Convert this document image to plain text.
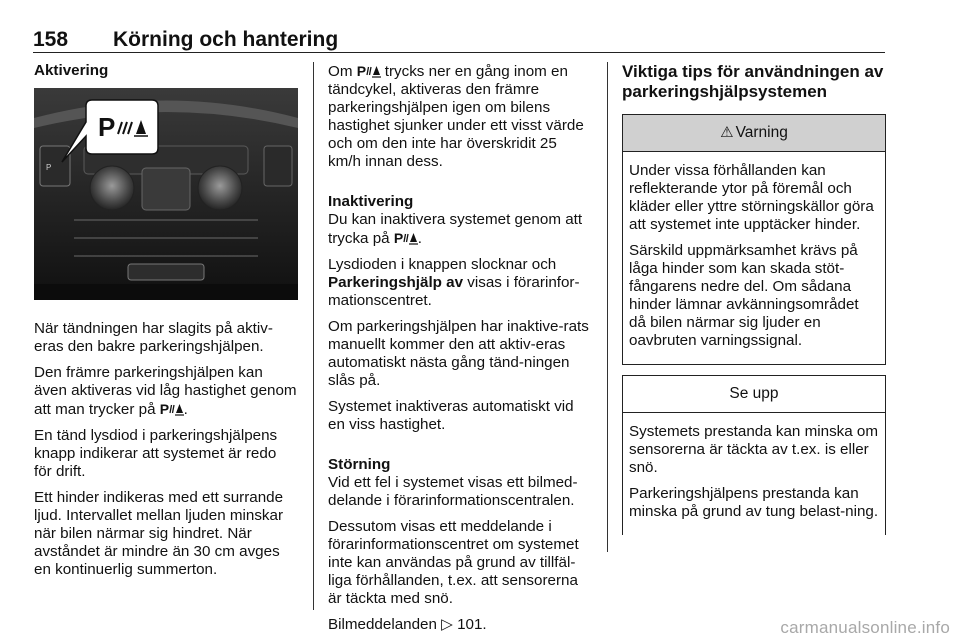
158 Körning och hantering
Aktivering
P
P

När tändningen har slagits på aktiv-eras den bakre parkeringshjälpen.

Den främre parkeringshjälpen kan även aktiveras vid låg hastighet genom att man trycker på P .

En tänd lysdiod i parkeringshjälpens knapp indikerar att systemet är redo för drift.

Ett hinder indikeras med ett surrande ljud. Intervallet mellan ljuden minskar när bilen närmar sig hindret. När avståndet är mindre än 30 cm avges en kontinuerlig summerton.

Om P trycks ner en gång inom en tändcykel, aktiveras den främre parkeringshjälpen igen om bilens hastighet sjunker under ett visst värde och om den inte har överskridit 25 km/h innan dess.

Inaktivering

Du kan inaktivera systemet genom att trycka på P .

Lysdioden i knappen slocknar och Parkeringshjälp av visas i förarinfor-mationscentret.

Om parkeringshjälpen har inaktive-rats manuellt kommer den att aktiv-eras automatiskt nästa gång tänd-ningen slås på.

Systemet inaktiveras automatiskt vid en viss hastighet.

Störning

Vid ett fel i systemet visas ett bilmed-delande i förarinformationscentralen.

Dessutom visas ett meddelande i förarinformationscentret om systemet inte kan användas på grund av tillfäl-liga förhållanden, t.ex. att sensorerna är täckta med snö.

Bilmeddelanden ▷ 101.

Viktiga tips för användningen av parkeringshjälpsystemen
⚠ Varning

Under vissa förhållanden kan reflekterande ytor på föremål och kläder eller yttre störningskällor göra att systemet inte upptäcker hinder.

Särskild uppmärksamhet krävs på låga hinder som kan skada stöt-fångarens nedre del. Om sådana hinder lämnar avkänningsområdet då bilen närmar sig ljuder en oavbruten varningssignal.

Se upp

Systemets prestanda kan minska om sensorerna är täckta av t.ex. is eller snö.

Parkeringshjälpens prestanda kan minska på grund av tung belast-ning.

carmanualsonline.info
